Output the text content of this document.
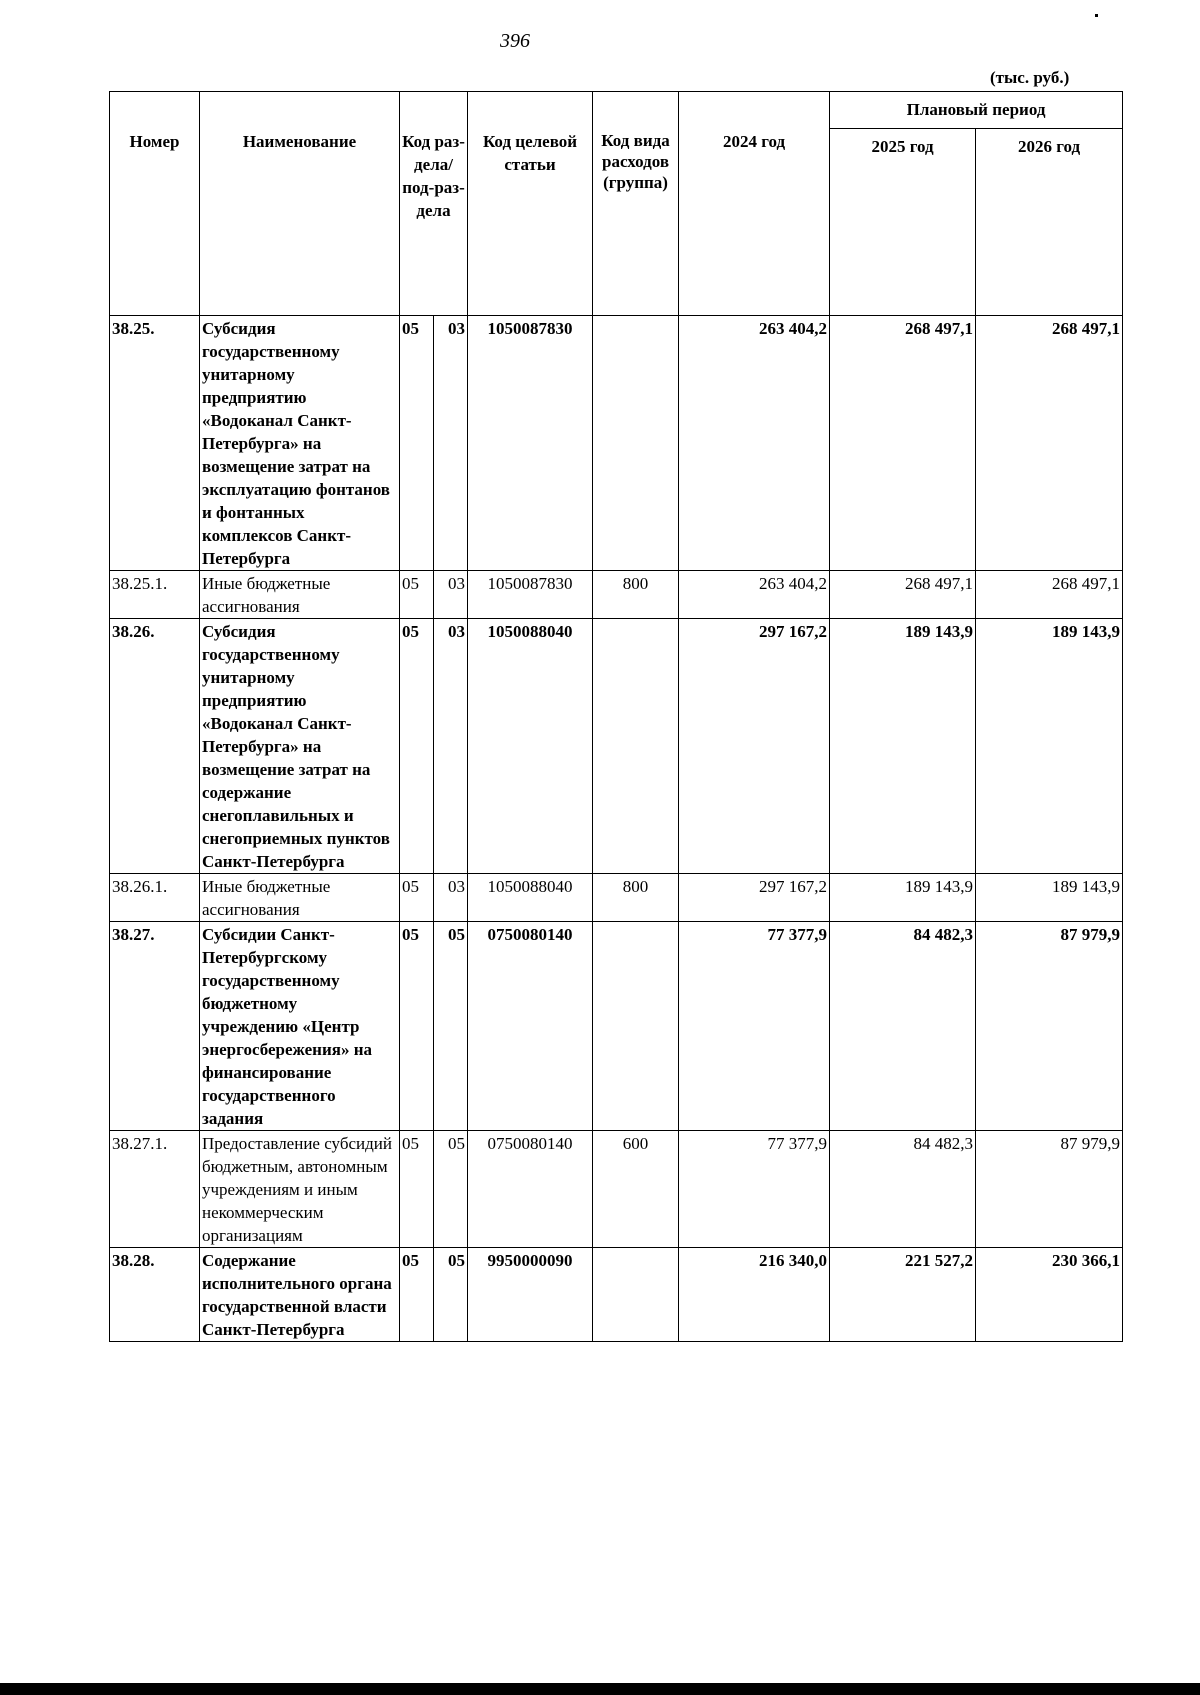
396
(тыс. руб.)
Номер	Наименование	Код раз-дела/ под-раз-дела		Код целевой статьи	Код вида расходов (группа)	2024 год	Плановый период	
							2025 год	2026 год
38.25.	Субсидия государственному унитарному предприятию «Водоканал Санкт-Петербурга» на возмещение затрат на эксплуатацию фонтанов и фонтанных комплексов Санкт-Петербурга	05	03	1050087830		263 404,2	268 497,1	268 497,1
38.25.1.	Иные бюджетные ассигнования	05	03	1050087830	800	263 404,2	268 497,1	268 497,1
38.26.	Субсидия государственному унитарному предприятию «Водоканал Санкт-Петербурга» на возмещение затрат на содержание снегоплавильных и снегоприемных пунктов Санкт-Петербурга	05	03	1050088040		297 167,2	189 143,9	189 143,9
38.26.1.	Иные бюджетные ассигнования	05	03	1050088040	800	297 167,2	189 143,9	189 143,9
38.27.	Субсидии Санкт-Петербургскому государственному бюджетному учреждению «Центр энергосбережения» на финансирование государственного задания	05	05	0750080140		77 377,9	84 482,3	87 979,9
38.27.1.	Предоставление субсидий бюджетным, автономным учреждениям и иным некоммерческим организациям	05	05	0750080140	600	77 377,9	84 482,3	87 979,9
38.28.	Содержание исполнительного органа государственной власти Санкт-Петербурга	05	05	9950000090		216 340,0	221 527,2	230 366,1
